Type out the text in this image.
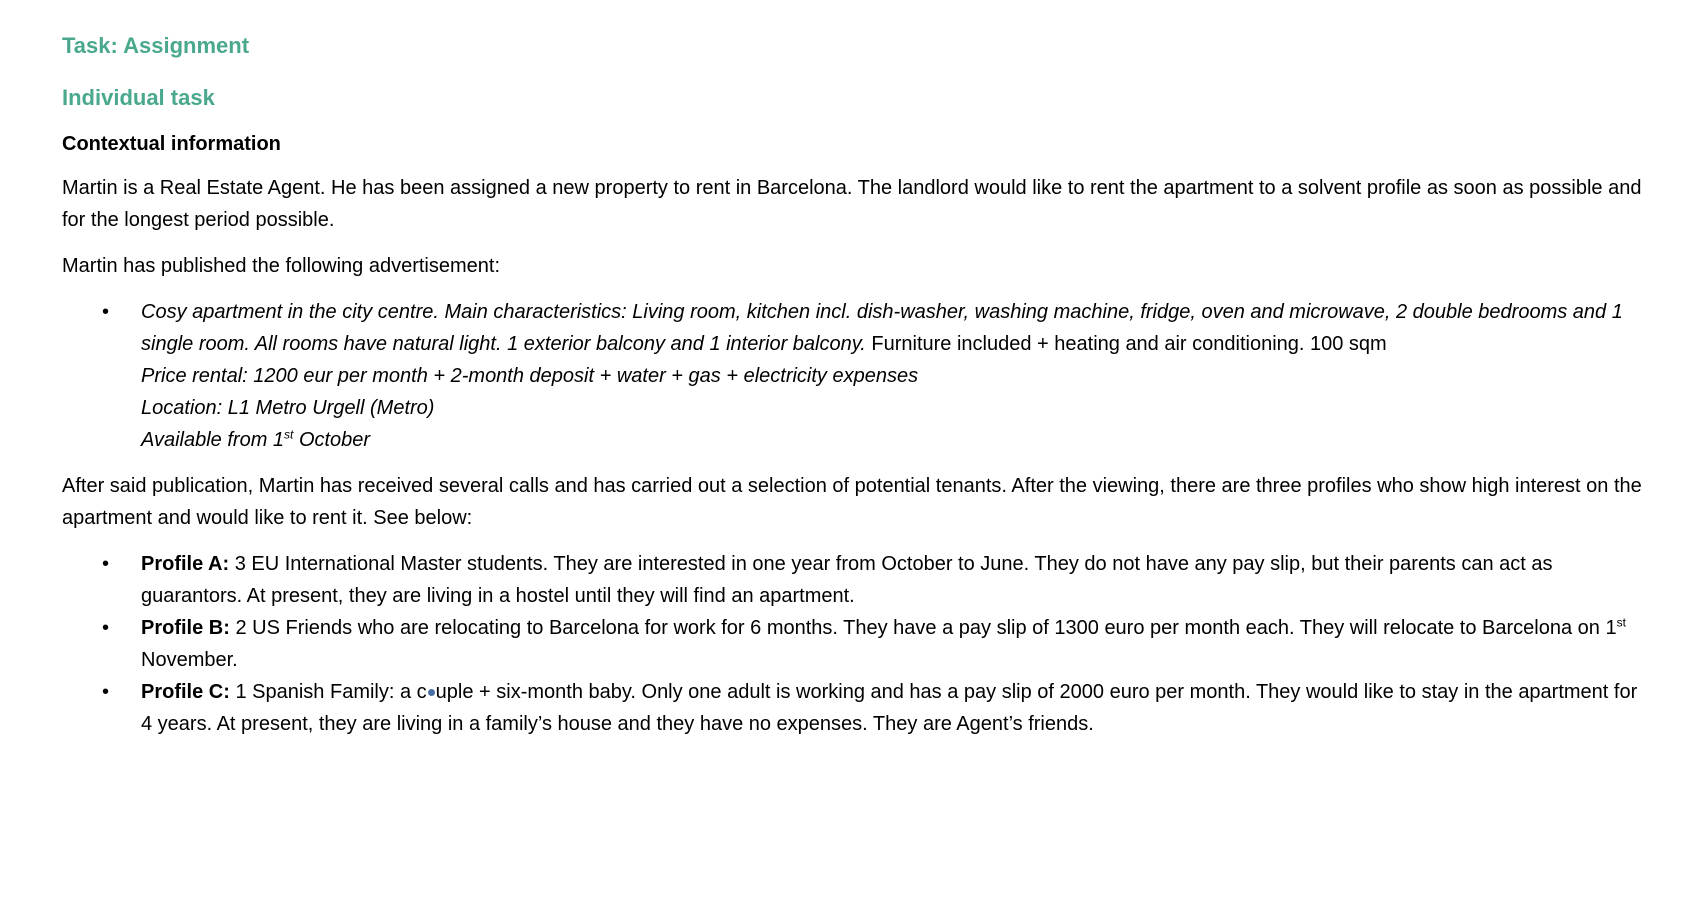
Task: Assignment
Individual task
Contextual information

Martin is a Real Estate Agent. He has been assigned a new property to rent in Barcelona. The landlord would like to rent the apartment to a solvent profile as soon as possible and for the longest period possible.

Martin has published the following advertisement:

• Cosy apartment in the city centre. Main characteristics: Living room, kitchen incl. dish-washer, washing machine, fridge, oven and microwave, 2 double bedrooms and 1 single room. All rooms have natural light. 1 exterior balcony and 1 interior balcony. Furniture included + heating and air conditioning. 100 sqm
Price rental: 1200 eur per month + 2-month deposit + water + gas + electricity expenses
Location: L1 Metro Urgell (Metro)
Available from 1st October

After said publication, Martin has received several calls and has carried out a selection of potential tenants. After the viewing, there are three profiles who show high interest on the apartment and would like to rent it. See below:

• Profile A: 3 EU International Master students. They are interested in one year from October to June. They do not have any pay slip, but their parents can act as guarantors. At present, they are living in a hostel until they will find an apartment.
• Profile B: 2 US Friends who are relocating to Barcelona for work for 6 months. They have a pay slip of 1300 euro per month each. They will relocate to Barcelona on 1st November.
• Profile C: 1 Spanish Family: a c uple + six-month baby. Only one adult is working and has a pay slip of 2000 euro per month. They would like to stay in the apartment for 4 years. At present, they are living in a family’s house and they have no expenses. They are Agent’s friends.
